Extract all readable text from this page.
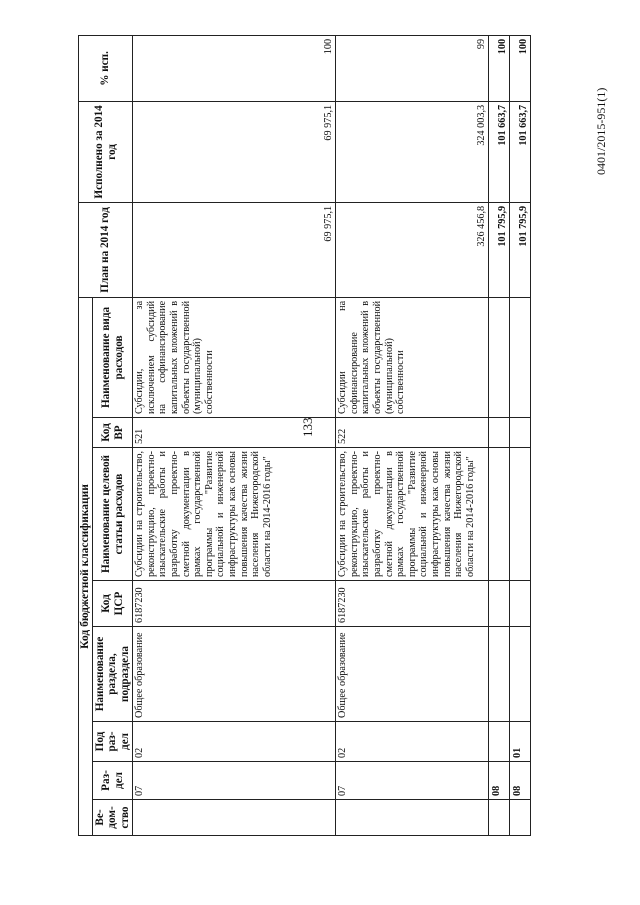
133
0401/2015-951(1)
Код бюджетной классификации								План на 2014 год	Исполнено за 2014 год	% исп.
Ве-дом-ство	Раз-дел	Под раз-дел	Наименование раздела, подраздела	Код ЦСР	Наименование целевой статьи расходов	Код ВР	Наименование вида расходов			
	07	02	Общее образование	6187230	Субсидии на строительство, реконструкцию, проектно-изыскательские работы и разработку проектно-сметной документации в рамках государственной программы "Развитие социальной и инженерной инфраструктуры как основы повышения качества жизни населения Нижегородской области на 2014-2016 годы"	521	Субсидии, за исключением субсидий на софинансирование капитальных вложений в объекты государственной (муниципальной) собственности	69 975,1	69 975,1	100
	07	02	Общее образование	6187230	Субсидии на строительство, реконструкцию, проектно-изыскательские работы и разработку проектно-сметной документации в рамках государственной программы "Развитие социальной и инженерной инфраструктуры как основы повышения качества жизни населения Нижегородской области на 2014-2016 годы"	522	Субсидии на софинансирование капитальных вложений в объекты государственной (муниципальной) собственности	326 456,8	324 003,3	99
	08							101 795,9	101 663,7	100
	08	01						101 795,9	101 663,7	100
